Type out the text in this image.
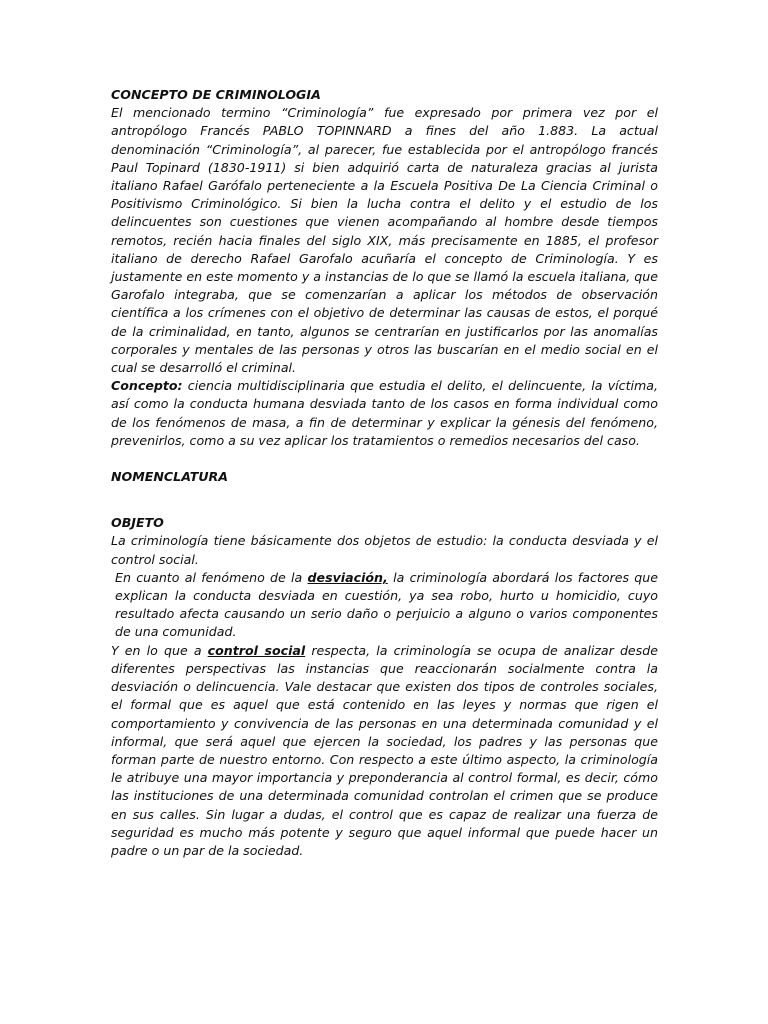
CONCEPTO DE CRIMINOLOGIA

El mencionado termino “Criminología” fue expresado por primera vez por el antropólogo Francés PABLO TOPINNARD a fines del año 1.883. La actual denominación “Criminología”, al parecer, fue establecida por el antropólogo francés Paul Topinard (1830-1911) si bien adquirió carta de naturaleza gracias al jurista italiano Rafael Garófalo perteneciente a la Escuela Positiva De La Ciencia Criminal o Positivismo Criminológico. Si bien la lucha contra el delito y el estudio de los delincuentes son cuestiones que vienen acompañando al hombre desde tiempos remotos, recién hacia finales del siglo XIX, más precisamente en 1885, el profesor italiano de derecho Rafael Garofalo acuñaría el concepto de Criminología. Y es justamente en este momento y a instancias de lo que se llamó la escuela italiana, que Garofalo integraba, que se comenzarían a aplicar los métodos de observación científica a los crímenes con el objetivo de determinar las causas de estos, el porqué de la criminalidad, en tanto, algunos se centrarían en justificarlos por las anomalías corporales y mentales de las personas y otros las buscarían en el medio social en el cual se desarrolló el criminal.

Concepto: ciencia multidisciplinaria que estudia el delito, el delincuente, la víctima, así como la conducta humana desviada tanto de los casos en forma individual como de los fenómenos de masa, a fin de determinar y explicar la génesis del fenómeno, prevenirlos, como a su vez aplicar los tratamientos o remedios necesarios del caso.

NOMENCLATURA

OBJETO

La criminología tiene básicamente dos objetos de estudio: la conducta desviada y el control social.

En cuanto al fenómeno de la desviación, la criminología abordará los factores que explican la conducta desviada en cuestión, ya sea robo, hurto u homicidio, cuyo resultado afecta causando un serio daño o perjuicio a alguno o varios componentes de una comunidad.

Y en lo que a control social respecta, la criminología se ocupa de analizar desde diferentes perspectivas las instancias que reaccionarán socialmente contra la desviación o delincuencia. Vale destacar que existen dos tipos de controles sociales, el formal que es aquel que está contenido en las leyes y normas que rigen el comportamiento y convivencia de las personas en una determinada comunidad y el informal, que será aquel que ejercen la sociedad, los padres y las personas que forman parte de nuestro entorno. Con respecto a este último aspecto, la criminología le atribuye una mayor importancia y preponderancia al control formal, es decir, cómo las instituciones de una determinada comunidad controlan el crimen que se produce en sus calles. Sin lugar a dudas, el control que es capaz de realizar una fuerza de seguridad es mucho más potente y seguro que aquel informal que puede hacer un padre o un par de la sociedad.
